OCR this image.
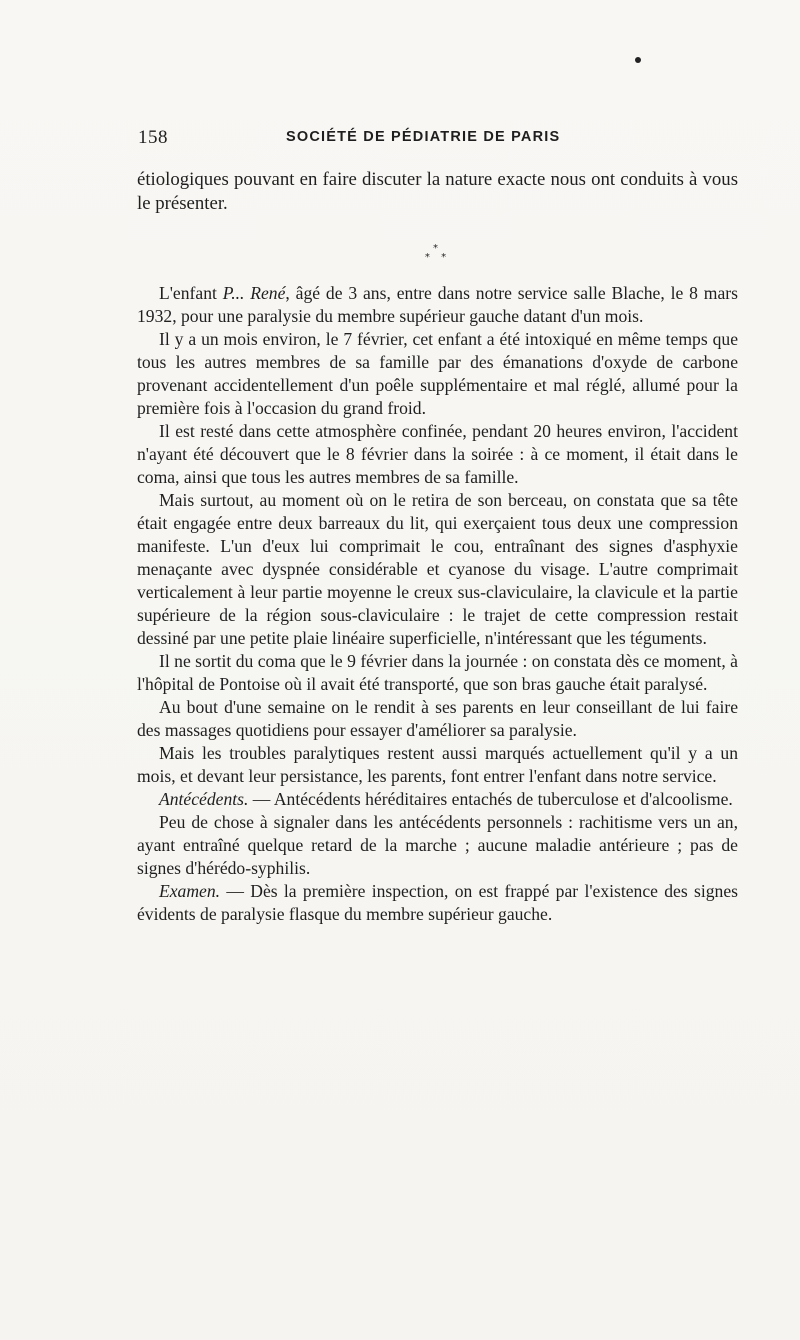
158	SOCIÉTÉ DE PÉDIATRIE DE PARIS

étiologiques pouvant en faire discuter la nature exacte nous ont conduits à vous le présenter.

*
* *

L'enfant P... René, âgé de 3 ans, entre dans notre service salle Blache, le 8 mars 1932, pour une paralysie du membre supérieur gauche datant d'un mois.

Il y a un mois environ, le 7 février, cet enfant a été intoxiqué en même temps que tous les autres membres de sa famille par des émanations d'oxyde de carbone provenant accidentellement d'un poêle supplémentaire et mal réglé, allumé pour la première fois à l'occasion du grand froid.

Il est resté dans cette atmosphère confinée, pendant 20 heures environ, l'accident n'ayant été découvert que le 8 février dans la soirée : à ce moment, il était dans le coma, ainsi que tous les autres membres de sa famille.

Mais surtout, au moment où on le retira de son berceau, on constata que sa tête était engagée entre deux barreaux du lit, qui exerçaient tous deux une compression manifeste. L'un d'eux lui comprimait le cou, entraînant des signes d'asphyxie menaçante avec dyspnée considérable et cyanose du visage. L'autre comprimait verticalement à leur partie moyenne le creux sus-claviculaire, la clavicule et la partie supérieure de la région sous-claviculaire : le trajet de cette compression restait dessiné par une petite plaie linéaire superficielle, n'intéressant que les téguments.

Il ne sortit du coma que le 9 février dans la journée : on constata dès ce moment, à l'hôpital de Pontoise où il avait été transporté, que son bras gauche était paralysé.

Au bout d'une semaine on le rendit à ses parents en leur conseillant de lui faire des massages quotidiens pour essayer d'améliorer sa paralysie.

Mais les troubles paralytiques restent aussi marqués actuellement qu'il y a un mois, et devant leur persistance, les parents, font entrer l'enfant dans notre service.

Antécédents. — Antécédents héréditaires entachés de tuberculose et d'alcoolisme.

Peu de chose à signaler dans les antécédents personnels : rachitisme vers un an, ayant entraîné quelque retard de la marche ; aucune maladie antérieure ; pas de signes d'hérédo-syphilis.

Examen. — Dès la première inspection, on est frappé par l'existence des signes évidents de paralysie flasque du membre supérieur gauche.
